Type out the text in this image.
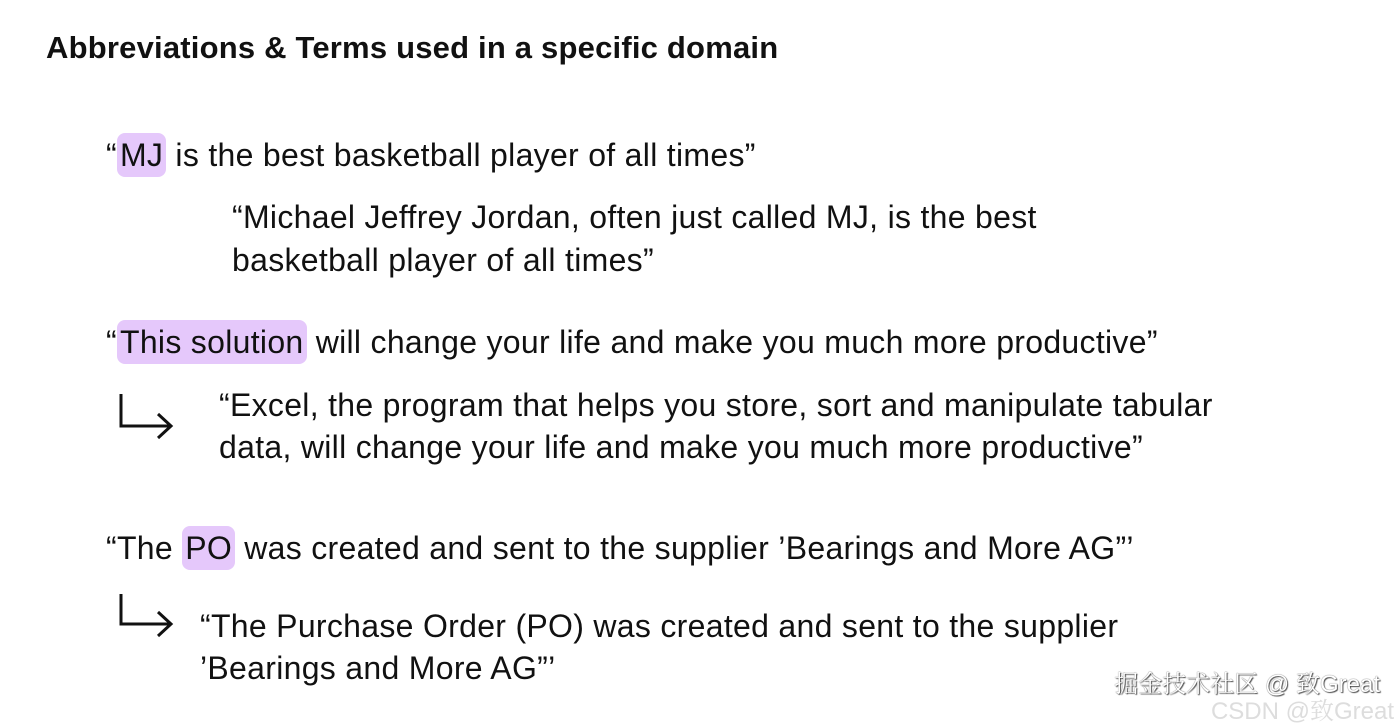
Abbreviations & Terms used in a specific domain
“MJ is the best basketball player of all times”
“Michael Jeffrey Jordan, often just called MJ, is the best
basketball player of all times”
“This solution will change your life and make you much more productive”
“Excel, the program that helps you store, sort and manipulate tabular
data, will change your life and make you much more productive”
“The PO was created and sent to the supplier ’Bearings and More AG”’
“The Purchase Order (PO) was created and sent to the supplier
’Bearings and More AG”’	掘金技术社区 @ 致Great
CSDN @致Great
